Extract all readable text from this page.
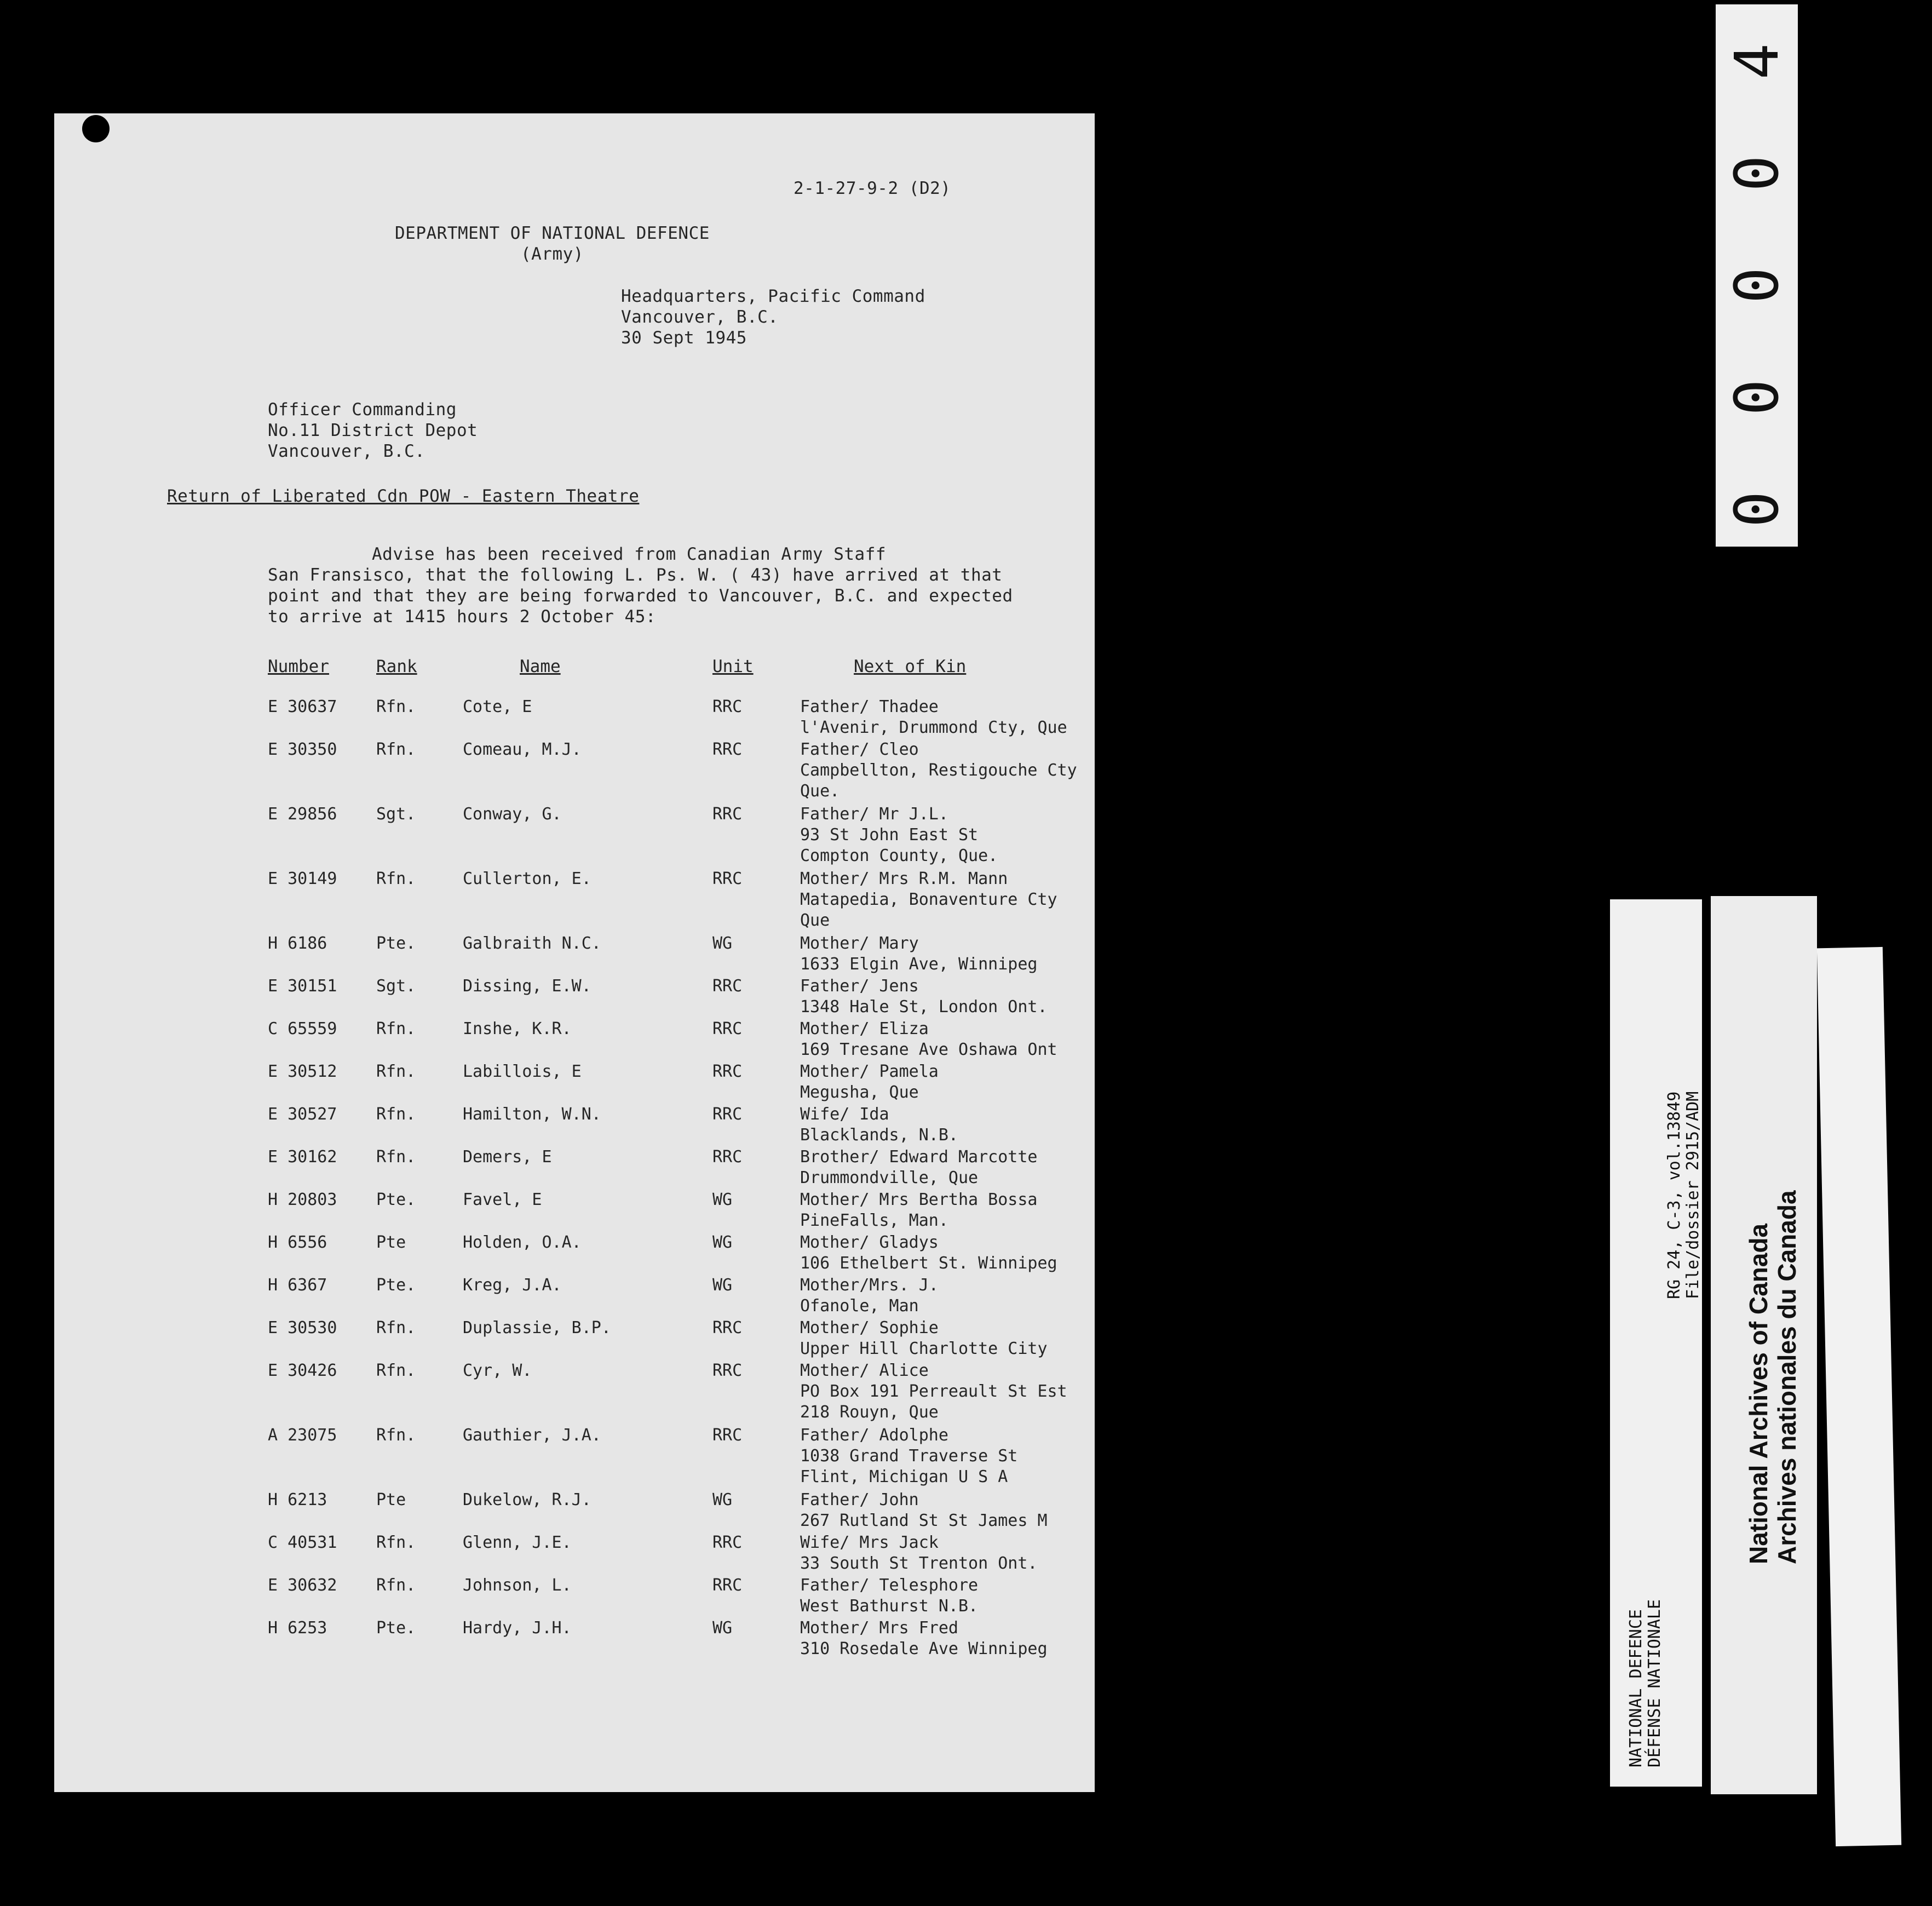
2-1-27-9-2 (D2)
DEPARTMENT OF NATIONAL DEFENCE
(Army)
Headquarters, Pacific Command
Vancouver, B.C.
30 Sept 1945
Officer Commanding
No.11 District Depot
Vancouver, B.C.
Return of Liberated Cdn POW - Eastern Theatre
Advise has been received from Canadian Army Staff
San Fransisco, that the following L. Ps. W. ( 43) have arrived at that
point and that they are being forwarded to Vancouver, B.C. and expected
to arrive at 1415 hours 2 October 45:
Number	Rank	Name	Unit	Next of Kin
E 30637 Rfn.	Cote, E	RRC	Father/ Thadee
l'Avenir, Drummond Cty, Que
E 30350 Rfn.	Comeau, M.J.	RRC	Father/ Cleo
Campbellton, Restigouche Cty
Que.
E 29856 Sgt.	Conway, G.	RRC	Father/ Mr J.L.
93 St John East St
Compton County, Que.
E 30149 Rfn.	Cullerton, E.	RRC	Mother/ Mrs R.M. Mann
Matapedia, Bonaventure Cty
Que
H 6186	Pte.	Galbraith N.C.	WG	Mother/ Mary
1633 Elgin Ave, Winnipeg
E 30151 Sgt.	Dissing, E.W.	RRC	Father/ Jens
1348 Hale St, London Ont.
C 65559 Rfn.	Inshe, K.R.	RRC	Mother/ Eliza
169 Tresane Ave Oshawa Ont
E 30512 Rfn.	Labillois, E	RRC	Mother/ Pamela
Megusha, Que
E 30527 Rfn.	Hamilton, W.N.	RRC	Wife/ Ida
Blacklands, N.B.
E 30162 Rfn.	Demers, E	RRC	Brother/ Edward Marcotte
Drummondville, Que
H 20803 Pte.	Favel, E	WG	Mother/ Mrs Bertha Bossa
PineFalls, Man.
H 6556	Pte	Holden, O.A.	WG	Mother/ Gladys
106 Ethelbert St. Winnipeg
H 6367	Pte.	Kreg, J.A.	WG	Mother/Mrs. J.
Ofanole, Man
E 30530 Rfn.	Duplassie, B.P.	RRC	Mother/ Sophie
Upper Hill Charlotte City
E 30426 Rfn.	Cyr, W.	RRC	Mother/ Alice
PO Box 191 Perreault St Est
218 Rouyn, Que
A 23075 Rfn.	Gauthier, J.A.	RRC	Father/ Adolphe
1038 Grand Traverse St
Flint, Michigan U S A
H 6213	Pte	Dukelow, R.J.	WG	Father/ John
267 Rutland St St James M
C 40531 Rfn.	Glenn, J.E.	RRC	Wife/ Mrs Jack
33 South St Trenton Ont.
E 30632 Rfn.	Johnson, L.	RRC	Father/ Telesphore
West Bathurst N.B.
H 6253	Pte.	Hardy, J.H.	WG	Mother/ Mrs Fred
310 Rosedale Ave Winnipeg
0 0 0 0 4
NATIONAL DEFENCE DÉFENSE NATIONALE
RG 24, C-3, vol.13849 File/dossier 2915/ADM
National Archives of Canada Archives nationales du Canada
